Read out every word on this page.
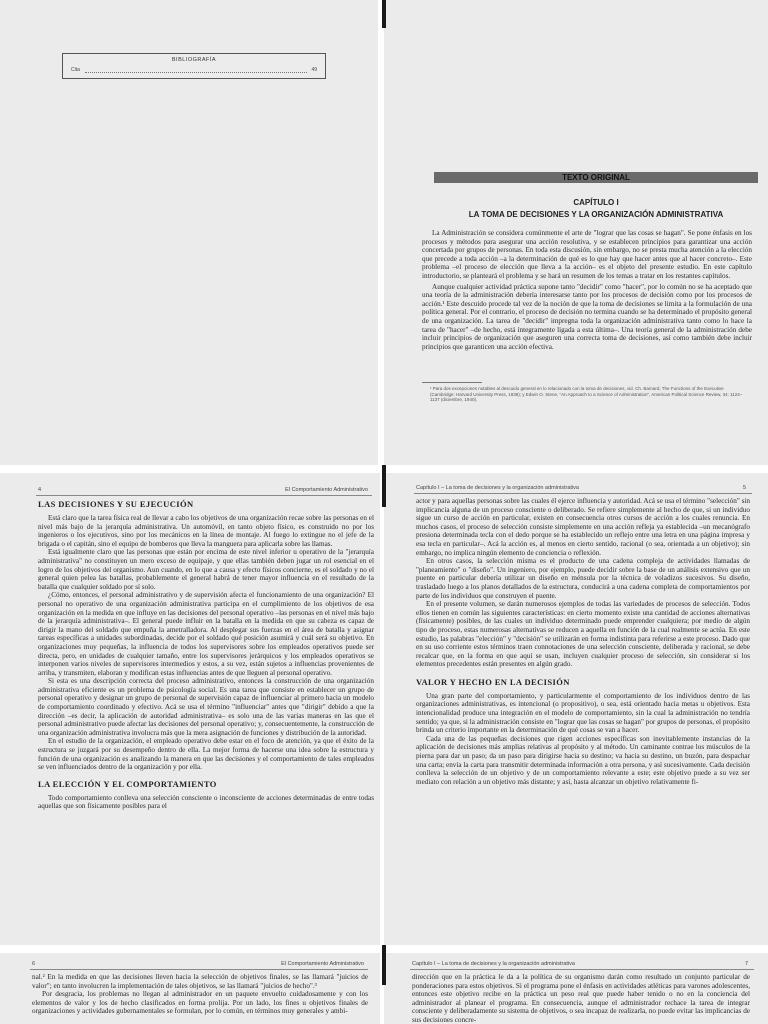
BIBLIOGRAFÍA
Cita	49
TEXTO ORIGINAL
CAPÍTULO I
LA TOMA DE DECISIONES Y LA ORGANIZACIÓN ADMINISTRATIVA

La Administración se considera comúnmente el arte de "lograr que las cosas se hagan". Se pone énfasis en los procesos y métodos para asegurar una acción resolutiva, y se establecen principios para garantizar una acción concertada por grupos de personas. En toda esta discusión, sin embargo, no se presta mucha atención a la elección que precede a toda acción –a la determinación de qué es lo que hay que hacer antes que al hacer concreto–. Este problema –el proceso de elección que lleva a la acción– es el objeto del presente estudio. En este capítulo introductorio, se planteará el problema y se hará un resumen de los temas a tratar en los restantes capítulos.

Aunque cualquier actividad práctica supone tanto "decidir" como "hacer", por lo común no se ha aceptado que una teoría de la administración debería interesarse tanto por los procesos de decisión como por los procesos de acción.¹ Este descuido procede tal vez de la noción de que la toma de decisiones se limita a la formulación de una política general. Por el contrario, el proceso de decisión no termina cuando se ha determinado el propósito general de una organización. La tarea de "decidir" impregna toda la organización administrativa tanto como lo hace la tarea de "hacer" –de hecho, está íntegramente ligada a esta última–. Una teoría general de la administración debe incluir principios de organización que aseguren una correcta toma de decisiones, así como también debe incluir principios que garanticen una acción efectiva.

¹ Para dos excepciones notables al descuido general en lo relacionado con la toma de decisiones, vid. Ch. Barnard, The Functions of the Executive (Cambridge: Harvard University Press, 1938); y Edwin O. Stene, "An Approach to a Science of Administration", American Political Science Review, 34: 1124–1137 (diciembre, 1940).

4	El Comportamiento Administrativo

LAS DECISIONES Y SU EJECUCIÓN

Está claro que la tarea física real de llevar a cabo los objetivos de una organización recae sobre las personas en el nivel más bajo de la jerarquía administrativa. Un automóvil, en tanto objeto físico, es construido no por los ingenieros o los ejecutivos, sino por los mecánicos en la línea de montaje. Al fuego lo extingue no el jefe de la brigada o el capitán, sino el equipo de bomberos que lleva la manguera para aplicarla sobre las llamas.

Está igualmente claro que las personas que están por encima de este nivel inferior u operativo de la "jerarquía administrativa" no constituyen un mero exceso de equipaje, y que ellas también deben jugar un rol esencial en el logro de los objetivos del organismo. Aun cuando, en lo que a causa y efecto físicos concierne, es el soldado y no el general quien pelea las batallas, probablemente el general habrá de tener mayor influencia en el resultado de la batalla que cualquier soldado por sí solo.

¿Cómo, entonces, el personal administrativo y de supervisión afecta el funcionamiento de una organización? El personal no operativo de una organización administrativa participa en el cumplimiento de los objetivos de esa organización en la medida en que influye en las decisiones del personal operativo –las personas en el nivel más bajo de la jerarquía administrativa–. El general puede influir en la batalla en la medida en que su cabeza es capaz de dirigir la mano del soldado que empuña la ametralladora. Al desplegar sus fuerzas en el área de batalla y asignar tareas específicas a unidades subordinadas, decide por el soldado qué posición asumirá y cuál será su objetivo. En organizaciones muy pequeñas, la influencia de todos los supervisores sobre los empleados operativos puede ser directa, pero, en unidades de cualquier tamaño, entre los supervisores jerárquicos y los empleados operativos se interponen varios niveles de supervisores intermedios y estos, a su vez, están sujetos a influencias provenientes de arriba, y transmiten, elaboran y modifican estas influencias antes de que lleguen al personal operativo.

Si esta es una descripción correcta del proceso administrativo, entonces la construcción de una organización administrativa eficiente es un problema de psicología social. Es una tarea que consiste en establecer un grupo de personal operativo y designar un grupo de personal de supervisión capaz de influenciar al primero hacia un modelo de comportamiento coordinado y efectivo. Acá se usa el término "influenciar" antes que "dirigir" debido a que la dirección –es decir, la aplicación de autoridad administrativa– es solo una de las varias maneras en las que el personal administrativo puede afectar las decisiones del personal operativo; y, consecuentemente, la construcción de una organización administrativa involucra más que la mera asignación de funciones y distribución de la autoridad.

En el estudio de la organización, el empleado operativo debe estar en el foco de atención, ya que el éxito de la estructura se juzgará por su desempeño dentro de ella. La mejor forma de hacerse una idea sobre la estructura y función de una organización es analizando la manera en que las decisiones y el comportamiento de tales empleados se ven influenciados dentro de la organización y por ella.

LA ELECCIÓN Y EL COMPORTAMIENTO

Todo comportamiento conlleva una selección consciente o inconsciente de acciones determinadas de entre todas aquellas que son físicamente posibles para el

Capítulo I – La toma de decisiones y la organización administrativa	5

actor y para aquellas personas sobre las cuales él ejerce influencia y autoridad. Acá se usa el término "selección" sin implicancia alguna de un proceso consciente o deliberado. Se refiere simplemente al hecho de que, si un individuo sigue un curso de acción en particular, existen en consecuencia otros cursos de acción a los cuales renuncia. En muchos casos, el proceso de selección consiste simplemente en una acción refleja ya establecida –un mecanógrafo presiona determinada tecla con el dedo porque se ha establecido un reflejo entre una letra en una página impresa y esa tecla en particular–. Acá la acción es, al menos en cierto sentido, racional (o sea, orientada a un objetivo); sin embargo, no implica ningún elemento de conciencia o reflexión.

En otros casos, la selección misma es el producto de una cadena compleja de actividades llamadas de "planeamiento" o "diseño". Un ingeniero, por ejemplo, puede decidir sobre la base de un análisis extensivo que un puente en particular debería utilizar un diseño en ménsula por la técnica de voladizos sucesivos. Su diseño, trasladado luego a los planos detallados de la estructura, conducirá a una cadena completa de comportamientos por parte de los individuos que construyen el puente.

En el presente volumen, se darán numerosos ejemplos de todas las variedades de procesos de selección. Todos ellos tienen en común las siguientes características: en cierto momento existe una cantidad de acciones alternativas (físicamente) posibles, de las cuales un individuo determinado puede emprender cualquiera; por medio de algún tipo de proceso, estas numerosas alternativas se reducen a aquella en función de la cual realmente se actúa. En este estudio, las palabras "elección" y "decisión" se utilizarán en forma indistinta para referirse a este proceso. Dado que en su uso corriente estos términos traen connotaciones de una selección consciente, deliberada y racional, se debe recalcar que, en la forma en que aquí se usan, incluyen cualquier proceso de selección, sin considerar si los elementos precedentes están presentes en algún grado.

VALOR Y HECHO EN LA DECISIÓN

Una gran parte del comportamiento, y particularmente el comportamiento de los individuos dentro de las organizaciones administrativas, es intencional (o propositivo), o sea, está orientado hacia metas u objetivos. Esta intencionalidad produce una integración en el modelo de comportamiento, sin la cual la administración no tendría sentido; ya que, si la administración consiste en "lograr que las cosas se hagan" por grupos de personas, el propósito brinda un criterio importante en la determinación de qué cosas se van a hacer.

Cada una de las pequeñas decisiones que rigen acciones específicas son inevitablemente instancias de la aplicación de decisiones más amplias relativas al propósito y al método. Un caminante contrae los músculos de la pierna para dar un paso; da un paso para dirigirse hacia su destino; va hacia su destino, un buzón, para despachar una carta; envía la carta para transmitir determinada información a otra persona, y así sucesivamente. Cada decisión conlleva la selección de un objetivo y de un comportamiento relevante a este; este objetivo puede a su vez ser mediato con relación a un objetivo más distante; y así, hasta alcanzar un objetivo relativamente fi-

6	El Comportamiento Administrativo

nal.² En la medida en que las decisiones lleven hacia la selección de objetivos finales, se las llamará "juicios de valor"; en tanto involucren la implementación de tales objetivos, se las llamará "juicios de hecho".³

Por desgracia, los problemas no llegan al administrador en un paquete envuelto cuidadosamente y con los elementos de valor y los de hecho clasificados en forma prolija. Por un lado, los fines u objetivos finales de organizaciones y actividades gubernamentales se formulan, por lo común, en términos muy generales y ambi-

Capítulo I – La toma de decisiones y la organización administrativa	7

dirección que en la práctica le da a la política de su organismo darán como resultado un conjunto particular de ponderaciones para estos objetivos. Si el programa pone el énfasis en actividades atléticas para varones adolescentes, entonces este objetivo recibe en la práctica un peso real que puede haber tenido o no en la conciencia del administrador al planear el programa. En consecuencia, aunque el administrador rechace la tarea de integrar consciente y deliberadamente su sistema de objetivos, o sea incapaz de realizarla, no puede evitar las implicancias de sus decisiones concre-
